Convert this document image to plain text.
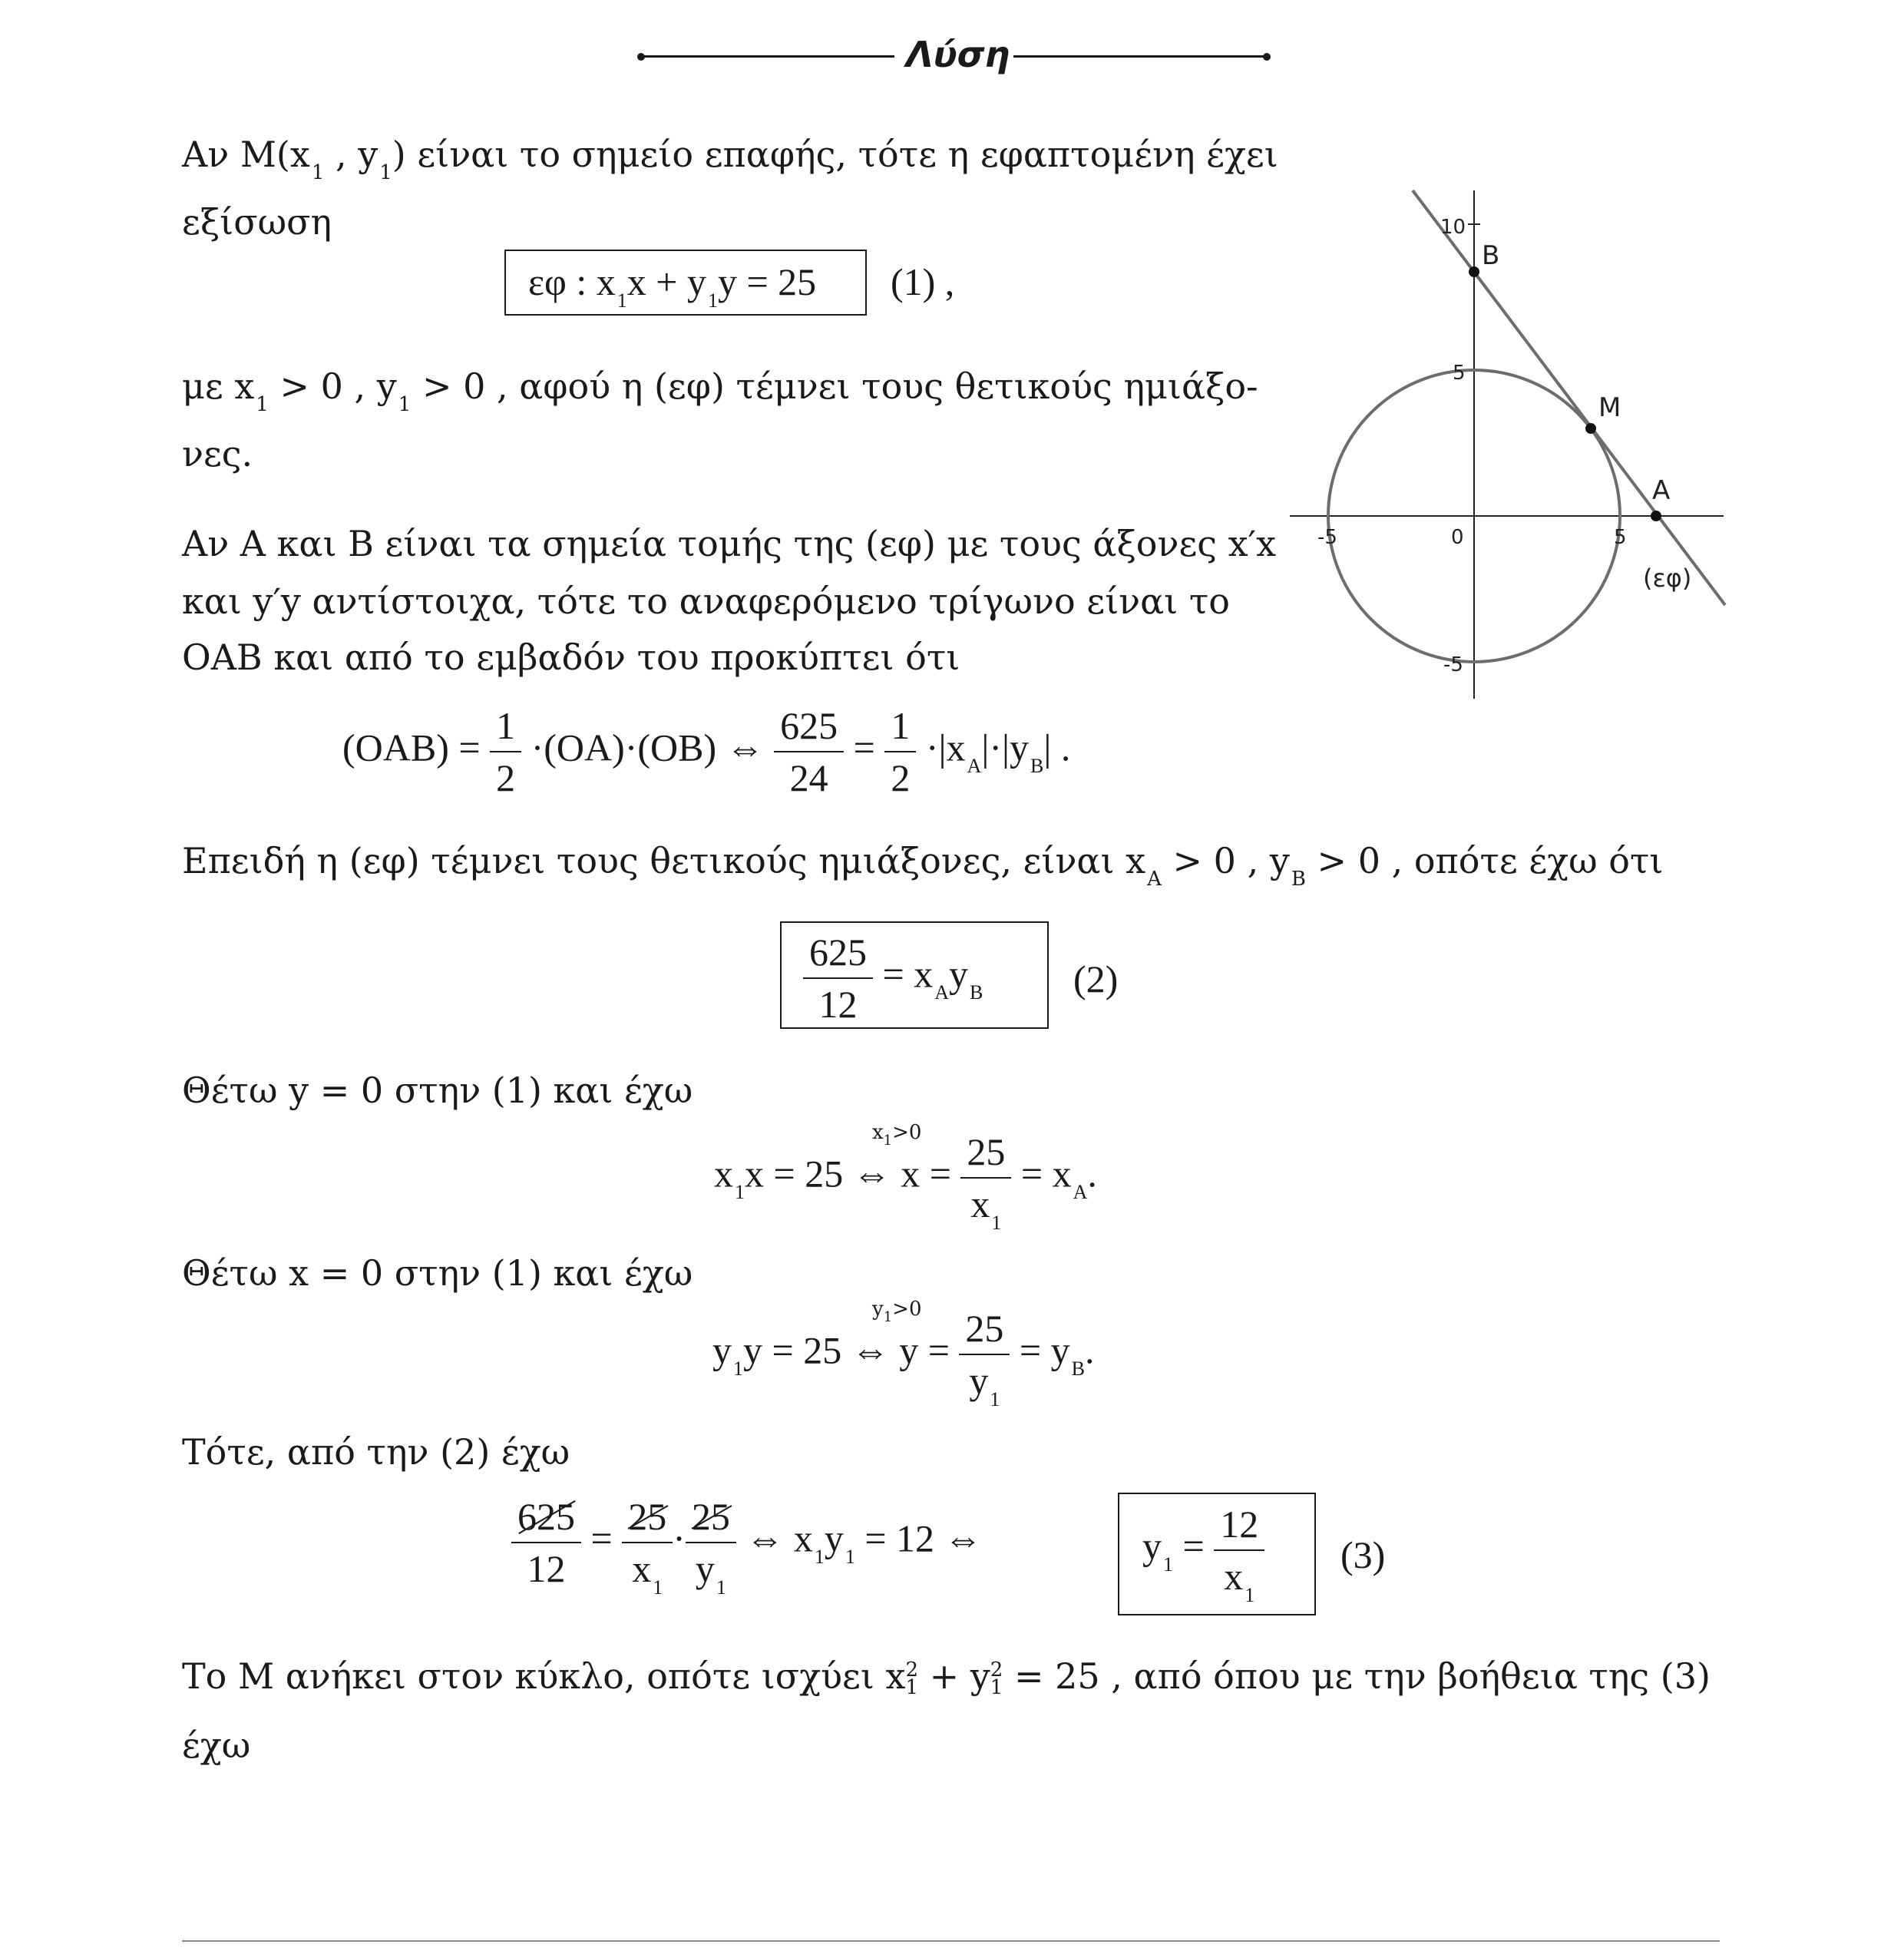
Λύση
Αν $M(x_1$ , $y_1$) είναι το σημείο επαφής, τότε η εφαπτομένη έχει
εξίσωση
εφ : $x_1x + y_1y = 25$ (1) ,
με $x_1 > 0$ , $y_1 > 0$ , αφού η (εφ) τέμνει τους θετικούς ημιάξο-
νες.
Αν A και B είναι τα σημεία τομής της (εφ) με τους άξονες x′x
και y′y αντίστοιχα, τότε το αναφερόμενο τρίγωνο είναι το
OAB και από το εμβαδόν του προκύπτει ότι
$(OAB) = \frac{1}{2} \cdot(OA)\cdot(OB)$ ⇔ $\frac{625}{24} = \frac{1}{2} \cdot|x_A|\cdot|y_B|$ .
Επειδή η (εφ) τέμνει τους θετικούς ημιάξονες, είναι $x_A > 0$ , $y_B > 0$ , οπότε έχω ότι
$\frac{625}{12} = x_Ay_B$ (2)
Θέτω y = 0 στην (1) και έχω
$x_1>0$
$x_1x = 25$ ⇔ $x = \frac{25}{x_1} = x_A$.
Θέτω x = 0 στην (1) και έχω
$y_1>0$
$y_1y = 25$ ⇔ $y = \frac{25}{y_1} = y_B$.
Τότε, από την (2) έχω
$\frac{625}{12} = \frac{25}{x_1} \cdot \frac{25}{y_1}$ ⇔ $x_1y_1 = 12$ ⇔	$y_1 = \frac{12}{x_1} (3)$
Το M ανήκει στον κύκλο, οπότε ισχύει x 2
1 + y 2
1 = 25 , από όπου με την βοήθεια της (3)
έχω
B
M
A
(εφ)
10
5
-5
-5	0	5
